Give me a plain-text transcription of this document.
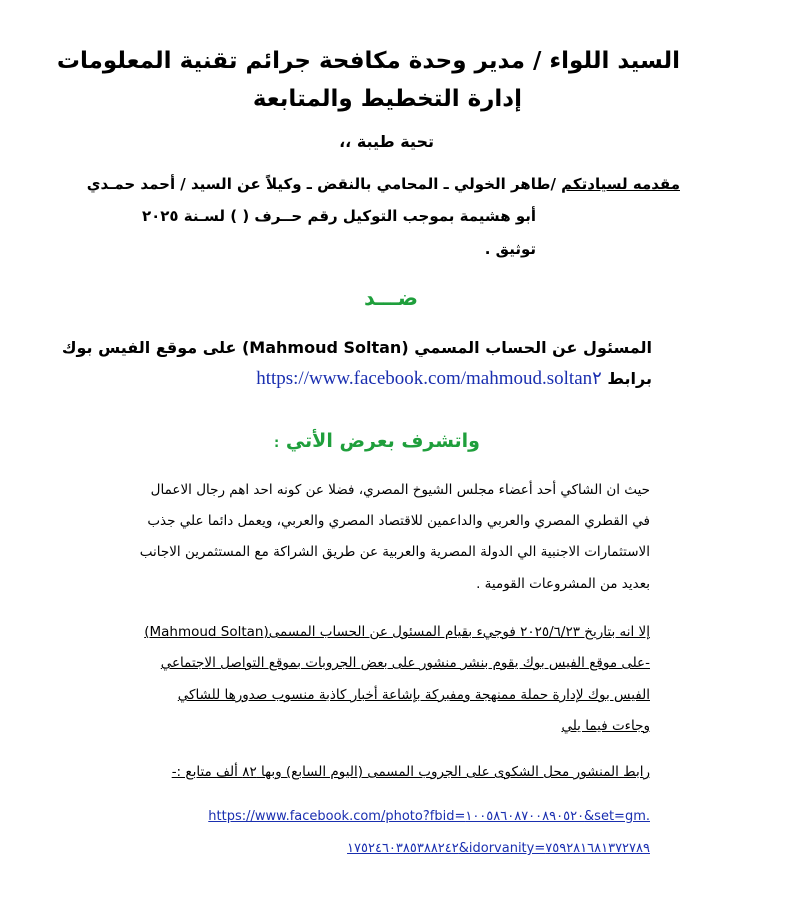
السيد اللواء / مدير وحدة مكافحة جرائم تقنية المعلومات
إدارة التخطيط والمتابعة
تحية طيبة ،،
مقدمه لسيادتكم /طاهر الخولي ـ المحامي بالنقض ـ وكيلاً عن السيد / أحمد حمـدي
أبو هشيمة بموجب التوكيل رقم حــرف ( ) لسـنة ٢٠٢٥
توثيق .
ضـــد
المسئول عن الحساب المسمي (Mahmoud Soltan) على موقع الفيس بوك
برابط https://www.facebook.com/mahmoud.soltan٢
واتشرف بعرض الأتي :
حيث ان الشاكي أحد أعضاء مجلس الشيوخ المصري، فضلا عن كونه احد اهم رجال الاعمال
في القطري المصري والعربي والداعمين للاقتصاد المصري والعربي، ويعمل دائما علي جذب
الاستثمارات الاجنبية الي الدولة المصرية والعربية عن طريق الشراكة مع المستثمرين الاجانب
بعديد من المشروعات القومية .
إلا انه بتاريخ ٢٠٢٥/٦/٢٣ فوجيء بقيام المسئول عن الحساب المسمى(Mahmoud Soltan)
-على موقع الفيس بوك يقوم بنشر منشور على بعض الجروبات بموقع التواصل الاجتماعي
الفيس بوك لإدارة حملة ممنهجة ومفبركة بإشاعة أخبار كاذبة منسوب صدورها للشاكي
وجاءت فيما يلي
رابط المنشور محل الشكوى على الجروب المسمى (اليوم السابع) وبها ٨٢ ألف متابع :-
https://www.facebook.com/photo?fbid=١٠٠٥٨٦٠٨٧٠٠٨٩٠٥٢٠&set=gm.
١٧٥٢٤٦٠٣٨٥٣٨٨٢٤٢&idorvanity=٧٥٩٢٨١٦٨١٣٧٢٧٨٩
